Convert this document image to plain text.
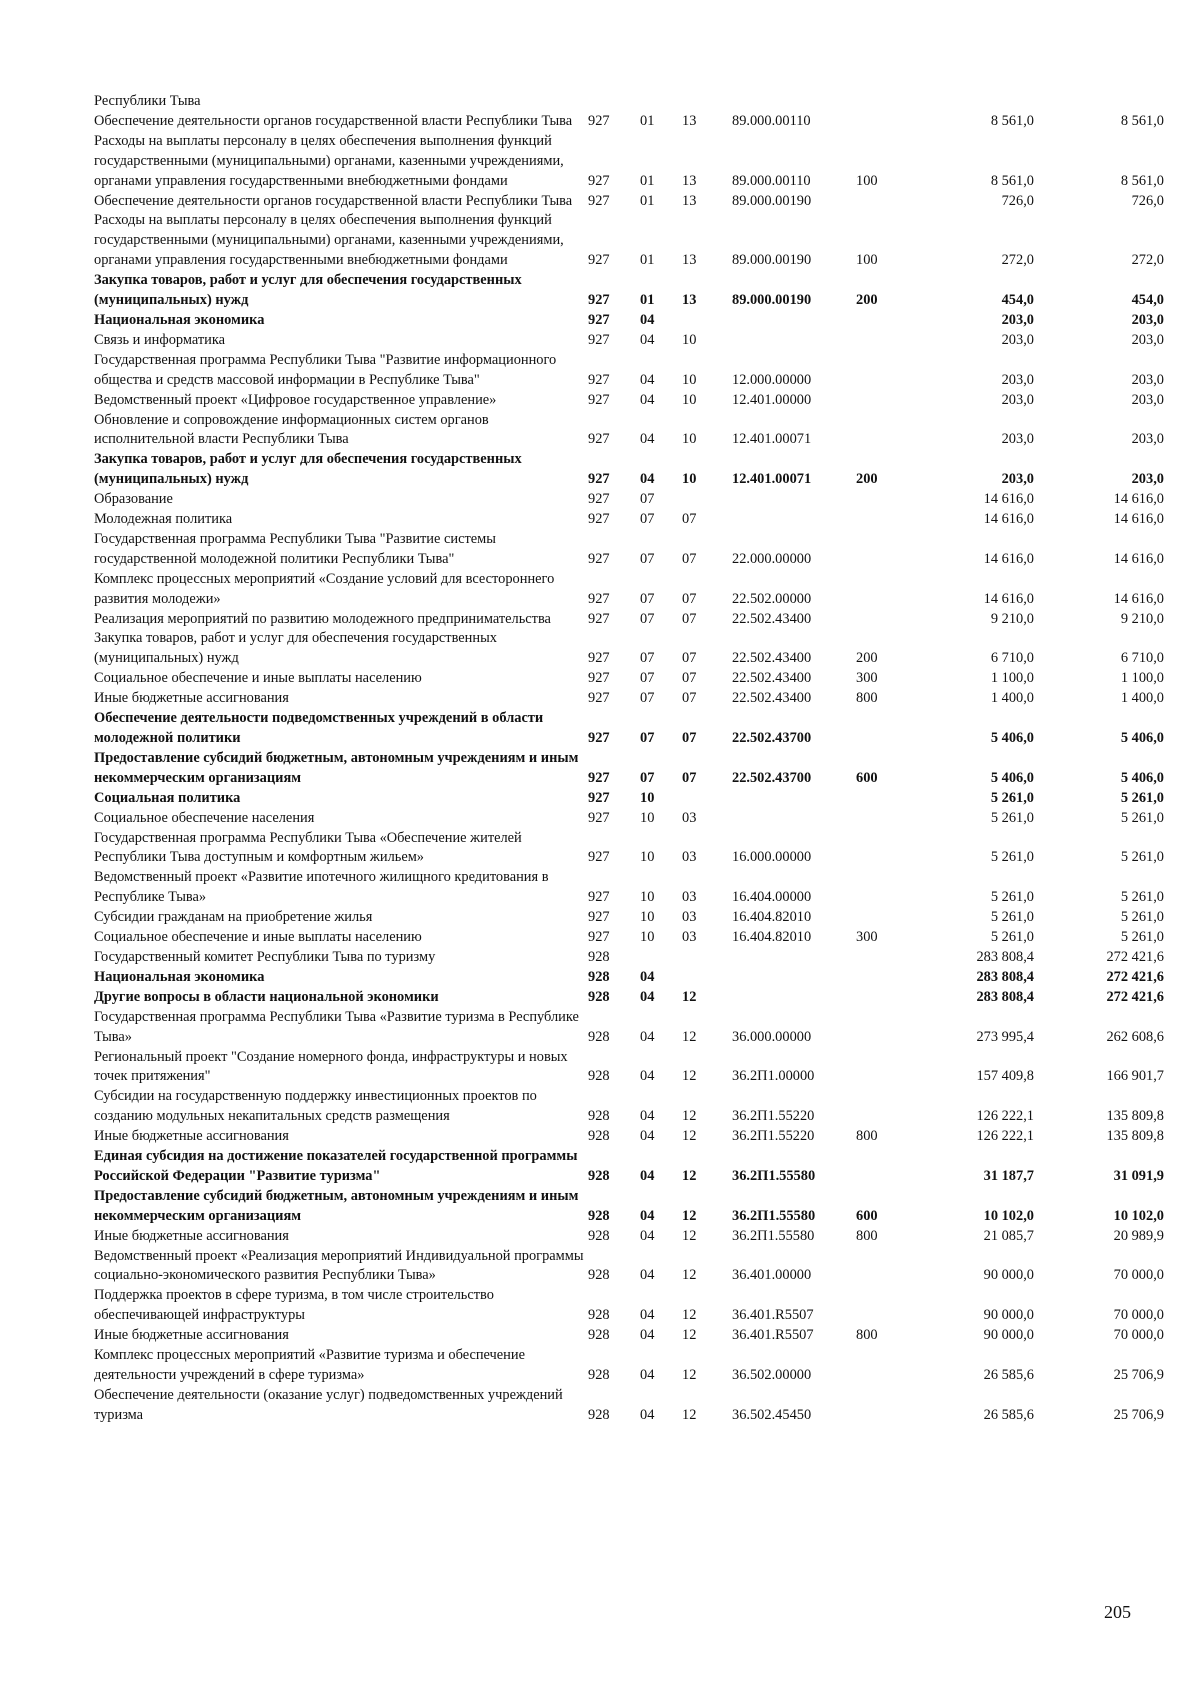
Республики Тыва							
Обеспечение деятельности органов государственной власти Республики Тыва	927	01	13	89.000.00110		8 561,0	8 561,0
Расходы на выплаты персоналу в целях обеспечения выполнения функций государственными (муниципальными) органами, казенными учреждениями, органами управления государственными внебюджетными фондами	927	01	13	89.000.00110	100	8 561,0	8 561,0
Обеспечение деятельности органов государственной власти Республики Тыва	927	01	13	89.000.00190		726,0	726,0
Расходы на выплаты персоналу в целях обеспечения выполнения функций государственными (муниципальными) органами, казенными учреждениями, органами управления государственными внебюджетными фондами	927	01	13	89.000.00190	100	272,0	272,0
Закупка товаров, работ и услуг для обеспечения государственных (муниципальных) нужд	927	01	13	89.000.00190	200	454,0	454,0
Национальная экономика	927	04				203,0	203,0
Связь и информатика	927	04	10			203,0	203,0
Государственная программа Республики Тыва "Развитие информационного общества и средств массовой информации в Республике Тыва"	927	04	10	12.000.00000		203,0	203,0
Ведомственный проект «Цифровое государственное управление»	927	04	10	12.401.00000		203,0	203,0
Обновление и сопровождение информационных систем органов исполнительной власти Республики Тыва	927	04	10	12.401.00071		203,0	203,0
Закупка товаров, работ и услуг для обеспечения государственных (муниципальных) нужд	927	04	10	12.401.00071	200	203,0	203,0
Образование	927	07				14 616,0	14 616,0
Молодежная политика	927	07	07			14 616,0	14 616,0
Государственная программа Республики Тыва "Развитие системы государственной молодежной политики Республики Тыва"	927	07	07	22.000.00000		14 616,0	14 616,0
Комплекс процессных мероприятий «Создание условий для всестороннего развития молодежи»	927	07	07	22.502.00000		14 616,0	14 616,0
Реализация мероприятий по развитию молодежного предпринимательства	927	07	07	22.502.43400		9 210,0	9 210,0
Закупка товаров, работ и услуг для обеспечения государственных (муниципальных) нужд	927	07	07	22.502.43400	200	6 710,0	6 710,0
Социальное обеспечение и иные выплаты населению	927	07	07	22.502.43400	300	1 100,0	1 100,0
Иные бюджетные ассигнования	927	07	07	22.502.43400	800	1 400,0	1 400,0
Обеспечение деятельности подведомственных учреждений в области молодежной политики	927	07	07	22.502.43700		5 406,0	5 406,0
Предоставление субсидий бюджетным, автономным учреждениям и иным некоммерческим организациям	927	07	07	22.502.43700	600	5 406,0	5 406,0
Социальная политика	927	10				5 261,0	5 261,0
Социальное обеспечение населения	927	10	03			5 261,0	5 261,0
Государственная программа Республики Тыва «Обеспечение жителей Республики Тыва доступным и комфортным жильем»	927	10	03	16.000.00000		5 261,0	5 261,0
Ведомственный проект «Развитие ипотечного жилищного кредитования в Республике Тыва»	927	10	03	16.404.00000		5 261,0	5 261,0
Субсидии гражданам на приобретение жилья	927	10	03	16.404.82010		5 261,0	5 261,0
Социальное обеспечение и иные выплаты населению	927	10	03	16.404.82010	300	5 261,0	5 261,0
Государственный комитет Республики Тыва по туризму	928					283 808,4	272 421,6
Национальная экономика	928	04				283 808,4	272 421,6
Другие вопросы в области национальной экономики	928	04	12			283 808,4	272 421,6
Государственная программа Республики Тыва «Развитие туризма в Республике Тыва»	928	04	12	36.000.00000		273 995,4	262 608,6
Региональный проект "Создание номерного фонда, инфраструктуры и новых точек притяжения"	928	04	12	36.2П1.00000		157 409,8	166 901,7
Субсидии на государственную поддержку инвестиционных проектов по созданию модульных некапитальных средств размещения	928	04	12	36.2П1.55220		126 222,1	135 809,8
Иные бюджетные ассигнования	928	04	12	36.2П1.55220	800	126 222,1	135 809,8
Единая субсидия на достижение показателей государственной программы Российской Федерации "Развитие туризма"	928	04	12	36.2П1.55580		31 187,7	31 091,9
Предоставление субсидий бюджетным, автономным учреждениям и иным некоммерческим организациям	928	04	12	36.2П1.55580	600	10 102,0	10 102,0
Иные бюджетные ассигнования	928	04	12	36.2П1.55580	800	21 085,7	20 989,9
Ведомственный проект «Реализация мероприятий Индивидуальной программы социально-экономического развития Республики Тыва»	928	04	12	36.401.00000		90 000,0	70 000,0
Поддержка проектов в сфере туризма, в том числе строительство обеспечивающей инфраструктуры	928	04	12	36.401.R5507		90 000,0	70 000,0
Иные бюджетные ассигнования	928	04	12	36.401.R5507	800	90 000,0	70 000,0
Комплекс процессных мероприятий «Развитие туризма и обеспечение деятельности учреждений в сфере туризма»	928	04	12	36.502.00000		26 585,6	25 706,9
Обеспечение деятельности (оказание услуг) подведомственных учреждений туризма	928	04	12	36.502.45450		26 585,6	25 706,9
205
